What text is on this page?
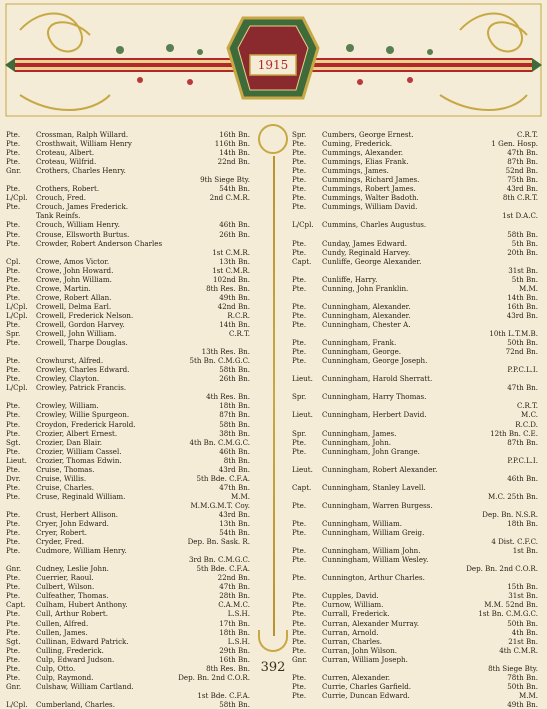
1915
Pte.	Crossman, Ralph Willard.	16th Bn.
Pte.	Crosthwait, William Henry	116th Bn.
Pte.	Croteau, Albert.	14th Bn.
Pte.	Croteau, Wilfrid.	22nd Bn.
Gnr.	Crothers, Charles Henry.
9th Siege Bty.
Pte.	Crothers, Robert.	54th Bn.
L/Cpl.	Crouch, Fred.	2nd C.M.R.
Pte.	Crouch, James Frederick.
Tank Reinfs.
Pte.	Crouch, William Henry.	46th Bn.
Pte.	Crouse, Ellsworth Burtus.	26th Bn.
Pte.	Crowder, Robert Anderson Charles
1st C.M.R.
Cpl.	Crowe, Amos Victor.	13th Bn.
Pte.	Crowe, John Howard.	1st C.M.R.
Pte.	Crowe, John William.	102nd Bn.
Pte.	Crowe, Martin.	8th Res. Bn.
Pte.	Crowe, Robert Allan.	49th Bn.
L/Cpl.	Crowell, Delma Earl.	42nd Bn.
L/Cpl.	Crowell, Frederick Nelson.	R.C.R.
Pte.	Crowell, Gordon Harvey.	14th Bn.
Spr.	Crowell, John William.	C.R.T.
Pte.	Crowell, Tharpe Douglas.
13th Res. Bn.
Pte.	Crowhurst, Alfred.	5th Bn. C.M.G.C.
Pte.	Crowley, Charles Edward.	58th Bn.
Pte.	Crowley, Clayton.	26th Bn.
L/Cpl.	Crowley, Patrick Francis.
4th Res. Bn.
Pte.	Crowley, William.	18th Bn.
Pte.	Crowley, Willie Spurgeon.	87th Bn.
Pte.	Croydon, Frederick Harold.	58th Bn.
Pte.	Crozier, Albert Ernest.	38th Bn.
Sgt.	Crozier, Dan Blair.	4th Bn. C.M.G.C.
Pte.	Crozier, William Cassel.	46th Bn.
Lieut.	Crozier, Thomas Edwin.	8th Bn.
Pte.	Cruise, Thomas.	43rd Bn.
Dvr.	Cruise, Willis.	5th Bde. C.F.A.
Pte.	Cruise, Charles.	47th Bn.
Pte.	Cruse, Reginald William.	M.M.
M.M.G.M.T. Coy.
Pte.	Crust, Herbert Allison.	43rd Bn.
Pte.	Cryer, John Edward.	13th Bn.
Pte.	Cryer, Robert.	54th Bn.
Pte.	Cryder, Fred.	Dep. Bn. Sask. R.
Pte.	Cudmore, William Henry.
3rd Bn. C.M.G.C.
Gnr.	Cudney, Leslie John.	5th Bde. C.F.A.
Pte.	Cuerrier, Raoul.	22nd Bn.
Pte.	Culbert, Wilson.	47th Bn.
Pte.	Culfeather, Thomas.	28th Bn.
Capt.	Culham, Hubert Anthony.	C.A.M.C.
Pte.	Cull, Arthur Robert.	L.S.H.
Pte.	Cullen, Alfred.	17th Bn.
Pte.	Cullen, James.	18th Bn.
Sgt.	Cullinan, Edward Patrick.	L.S.H.
Pte.	Culling, Frederick.	29th Bn.
Pte.	Culp, Edward Judson.	16th Bn.
Pte.	Culp, Otto.	8th Res. Bn.
Pte.	Culp, Raymond.	Dep. Bn. 2nd C.O.R.
Gnr.	Culshaw, William Cartland.
1st Bde. C.F.A.
L/Cpl.	Cumberland, Charles.	58th Bn.
Spr.	Cumbers, George Ernest.	C.R.T.
Pte.	Cuming, Frederick.	1 Gen. Hosp.
Pte.	Cummings, Alexander.	47th Bn.
Pte.	Cummings, Elias Frank.	87th Bn.
Pte.	Cummings, James.	52nd Bn.
Pte.	Cummings, Richard James.	75th Bn.
Pte.	Cummings, Robert James.	43rd Bn.
Pte.	Cummings, Walter Badoth.	8th C.R.T.
Pte.	Cummings, William David.
1st D.A.C.
L/Cpl.	Cummins, Charles Augustus.
58th Bn.
Pte.	Cunday, James Edward.	5th Bn.
Pte.	Cundy, Reginald Harvey.	20th Bn.
Capt.	Cunliffe, George Alexander.
31st Bn.
Pte.	Cunliffe, Harry.	5th Bn.
Pte.	Cunning, John Franklin.	M.M.
14th Bn.
Pte.	Cunningham, Alexander.	16th Bn.
Pte.	Cunningham, Alexander.	43rd Bn.
Pte.	Cunningham, Chester A.
10th L.T.M.B.
Pte.	Cunningham, Frank.	50th Bn.
Pte.	Cunningham, George.	72nd Bn.
Pte.	Cunningham, George Joseph.
P.P.C.L.I.
Lieut.	Cunningham, Harold Sherratt.
47th Bn.
Spr.	Cunningham, Harry Thomas.
C.R.T.
Lieut.	Cunningham, Herbert David.	M.C.
R.C.D.
Spr.	Cunningham, James.	12th Bn. C.E.
Pte.	Cunningham, John.	87th Bn.
Pte.	Cunningham, John Grange.
P.P.C.L.I.
Lieut.	Cunningham, Robert Alexander.
46th Bn.
Capt.	Cunningham, Stanley Lavell.
M.C. 25th Bn.
Pte.	Cunningham, Warren Burgess.
Dep. Bn. N.S.R.
Pte.	Cunningham, William.	18th Bn.
Pte.	Cunningham, William Greig.
4 Dist. C.F.C.
Pte.	Cunningham, William John.	1st Bn.
Pte.	Cunningham, William Wesley.
Dep. Bn. 2nd C.O.R.
Pte.	Cunnington, Arthur Charles.
15th Bn.
Pte.	Cupples, David.	31st Bn.
Pte.	Curnow, William.	M.M. 52nd Bn.
Pte.	Currall, Frederick.	1st Bn. C.M.G.C.
Pte.	Curran, Alexander Murray.	50th Bn.
Pte.	Curran, Arnold.	4th Bn.
Pte.	Curran, Charles.	21st Bn.
Pte.	Curran, John Wilson.	4th C.M.R.
Gnr.	Curran, William Joseph.
8th Siege Bty.
Pte.	Curren, Alexander.	78th Bn.
Pte.	Currie, Charles Garfield.	50th Bn.
Pte.	Currie, Duncan Edward.	M.M.
49th Bn.
392
